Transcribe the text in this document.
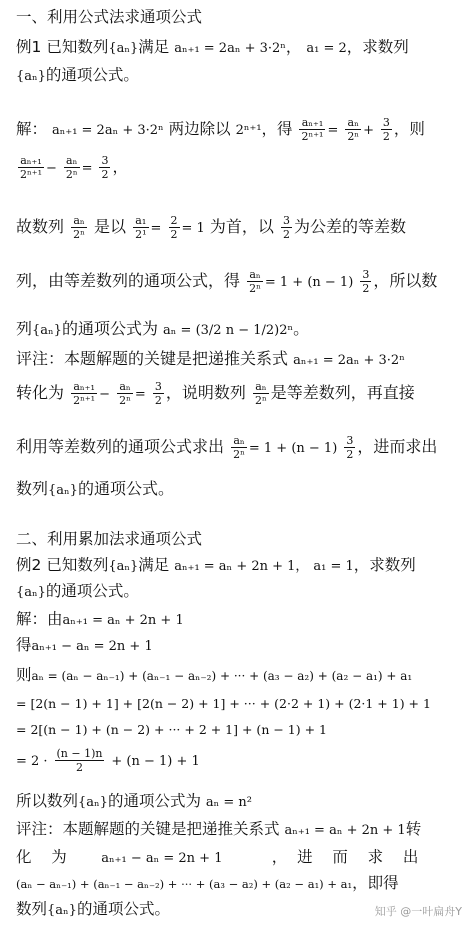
一、利用公式法求通项公式
例1 已知数列{aₙ}满足 aₙ₊₁ = 2aₙ + 3·2ⁿ， a₁ = 2，求数列
{aₙ}的通项公式。
解： aₙ₊₁ = 2aₙ + 3·2ⁿ 两边除以 2ⁿ⁺¹，得 $\frac{\text{aₙ₊₁}}{\text{2ⁿ⁺¹}} = \frac{\text{aₙ}}{\text{2ⁿ}} + \frac{3}{2}$ ，则
$\frac{\text{aₙ₊₁}}{\text{2ⁿ⁺¹}} - \frac{\text{aₙ}}{\text{2ⁿ}} = \frac{3}{2}$ ，
故数列 $\frac{\text{aₙ}}{\text{2ⁿ}}$ 是以 $\frac{\text{a₁}}{\text{2¹}} = \frac{2}{2} = 1$ 为首，以 $\frac{3}{2}$ 为公差的等差数
列，由等差数列的通项公式，得 $\frac{\text{aₙ}}{\text{2ⁿ}} = 1 + (n - 1) \frac{3}{2}$ ，所以数
列{aₙ}的通项公式为 aₙ = (3/2 n − 1/2)2ⁿ。
评注：本题解题的关键是把递推关系式 aₙ₊₁ = 2aₙ + 3·2ⁿ
转化为 $\frac{\text{aₙ₊₁}}{\text{2ⁿ⁺¹}} - \frac{\text{aₙ}}{\text{2ⁿ}} = \frac{3}{2}$ ，说明数列 $\frac{\text{aₙ}}{\text{2ⁿ}}$ 是等差数列，再直接
利用等差数列的通项公式求出 $\frac{\text{aₙ}}{\text{2ⁿ}} = 1 + (n - 1) \frac{3}{2}$ ，进而求出
数列{aₙ}的通项公式。
二、利用累加法求通项公式
例2 已知数列{aₙ}满足 aₙ₊₁ = aₙ + 2n + 1， a₁ = 1，求数列
{aₙ}的通项公式。
解：由aₙ₊₁ = aₙ + 2n + 1
得aₙ₊₁ − aₙ = 2n + 1
则aₙ = (aₙ − aₙ₋₁) + (aₙ₋₁ − aₙ₋₂) + ··· + (a₃ − a₂) + (a₂ − a₁) + a₁
= [2(n − 1) + 1] + [2(n − 2) + 1] + ··· + (2·2 + 1) + (2·1 + 1) + 1
= 2[(n − 1) + (n − 2) + ··· + 2 + 1] + (n − 1) + 1
= $2 \cdot \frac{(n - 1)n}{2} + (n - 1) + 1$
所以数列{aₙ}的通项公式为 aₙ = n²
评注：本题解题的关键是把递推关系式 aₙ₊₁ = aₙ + 2n + 1转
化 为	aₙ₊₁ − aₙ = 2n + 1	， 进 而 求 出
(aₙ − aₙ₋₁) + (aₙ₋₁ − aₙ₋₂) + ··· + (a₃ − a₂) + (a₂ − a₁) + a₁，即得
数列{aₙ}的通项公式。	知乎 @一叶扁舟Y
